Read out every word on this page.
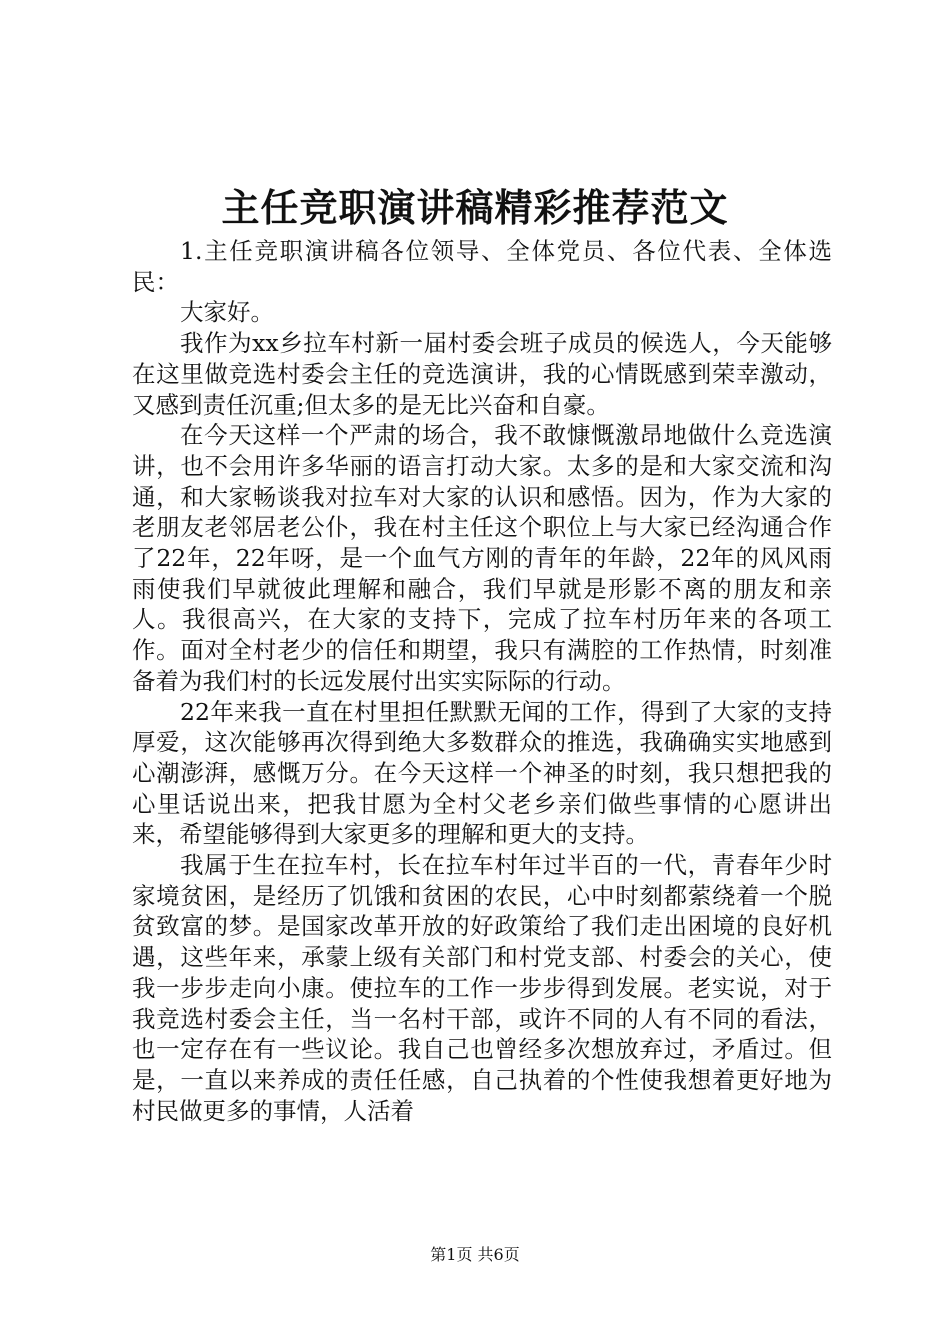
主任竞职演讲稿精彩推荐范文

1.主任竞职演讲稿各位领导、全体党员、各位代表、全体选民：

大家好。

我作为xx乡拉车村新一届村委会班子成员的候选人，今天能够在这里做竞选村委会主任的竞选演讲，我的心情既感到荣幸激动，又感到责任沉重;但太多的是无比兴奋和自豪。

在今天这样一个严肃的场合，我不敢慷慨激昂地做什么竞选演讲，也不会用许多华丽的语言打动大家。太多的是和大家交流和沟通，和大家畅谈我对拉车对大家的认识和感悟。因为，作为大家的老朋友老邻居老公仆，我在村主任这个职位上与大家已经沟通合作了22年，22年呀，是一个血气方刚的青年的年龄，22年的风风雨雨使我们早就彼此理解和融合，我们早就是形影不离的朋友和亲人。我很高兴，在大家的支持下，完成了拉车村历年来的各项工作。面对全村老少的信任和期望，我只有满腔的工作热情，时刻准备着为我们村的长远发展付出实实际际的行动。

22年来我一直在村里担任默默无闻的工作，得到了大家的支持厚爱，这次能够再次得到绝大多数群众的推选，我确确实实地感到心潮澎湃，感慨万分。在今天这样一个神圣的时刻，我只想把我的心里话说出来，把我甘愿为全村父老乡亲们做些事情的心愿讲出来，希望能够得到大家更多的理解和更大的支持。

我属于生在拉车村，长在拉车村年过半百的一代，青春年少时家境贫困，是经历了饥饿和贫困的农民，心中时刻都萦绕着一个脱贫致富的梦。是国家改革开放的好政策给了我们走出困境的良好机遇，这些年来，承蒙上级有关部门和村党支部、村委会的关心，使我一步步走向小康。使拉车的工作一步步得到发展。老实说，对于我竞选村委会主任，当一名村干部，或许不同的人有不同的看法，也一定存在有一些议论。我自己也曾经多次想放弃过，矛盾过。但是，一直以来养成的责任任感，自己执着的个性使我想着更好地为村民做更多的事情，人活着

第1页 共6页
